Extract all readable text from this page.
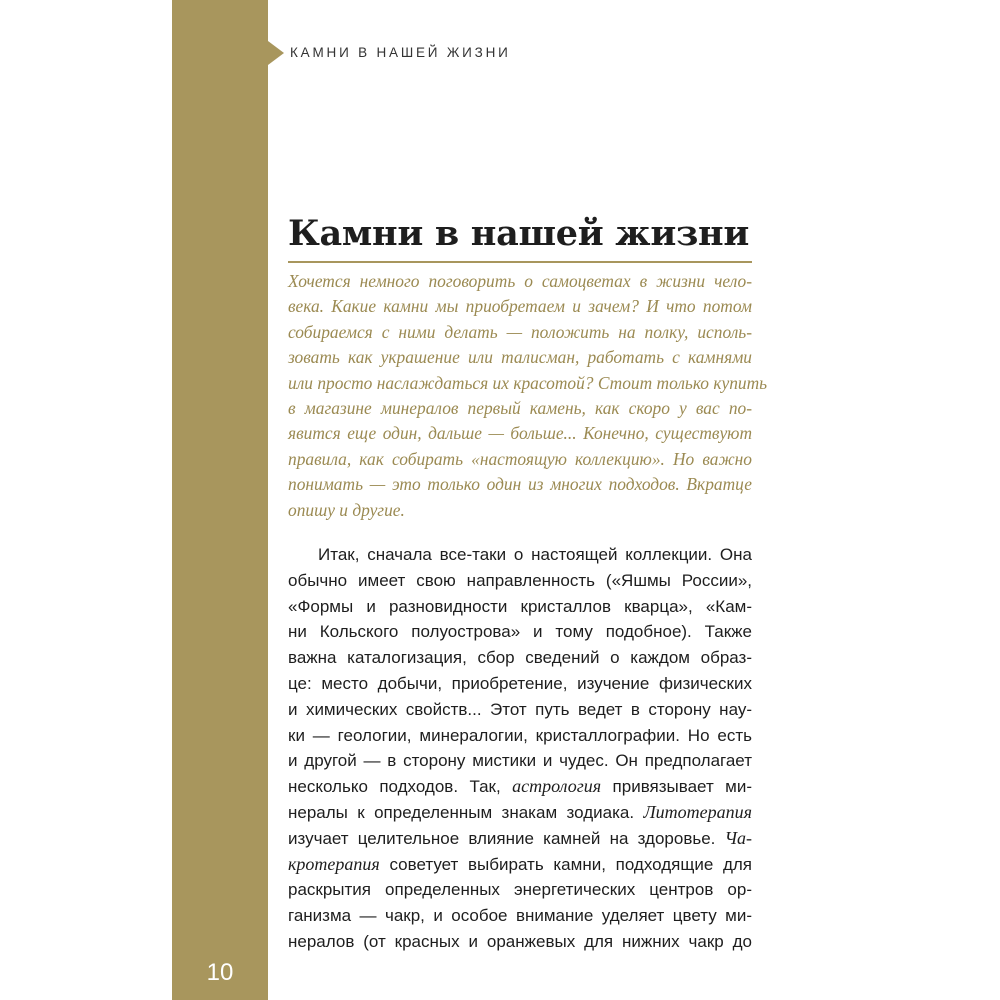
10
КАМНИ В НАШЕЙ ЖИЗНИ
Камни в нашей жизни
Хочется немного поговорить о самоцветах в жизни чело-
века. Какие камни мы приобретаем и зачем? И что потом
собираемся с ними делать — положить на полку, исполь-
зовать как украшение или талисман, работать с камнями
или просто наслаждаться их красотой? Стоит только купить
в магазине минералов первый камень, как скоро у вас по-
явится еще один, дальше — больше... Конечно, существуют
правила, как собирать «настоящую коллекцию». Но важно
понимать — это только один из многих подходов. Вкратце
опишу и другие.
Итак, сначала все-таки о настоящей коллекции. Она
обычно имеет свою направленность («Яшмы России»,
«Формы и разновидности кристаллов кварца», «Кам-
ни Кольского полуострова» и тому подобное). Также
важна каталогизация, сбор сведений о каждом образ-
це: место добычи, приобретение, изучение физических
и химических свойств... Этот путь ведет в сторону нау-
ки — геологии, минералогии, кристаллографии. Но есть
и другой — в сторону мистики и чудес. Он предполагает
несколько подходов. Так, астрология привязывает ми-
нералы к определенным знакам зодиака. Литотерапия
изучает целительное влияние камней на здоровье. Ча-
кротерапия советует выбирать камни, подходящие для
раскрытия определенных энергетических центров ор-
ганизма — чакр, и особое внимание уделяет цвету ми-
нералов (от красных и оранжевых для нижних чакр до
